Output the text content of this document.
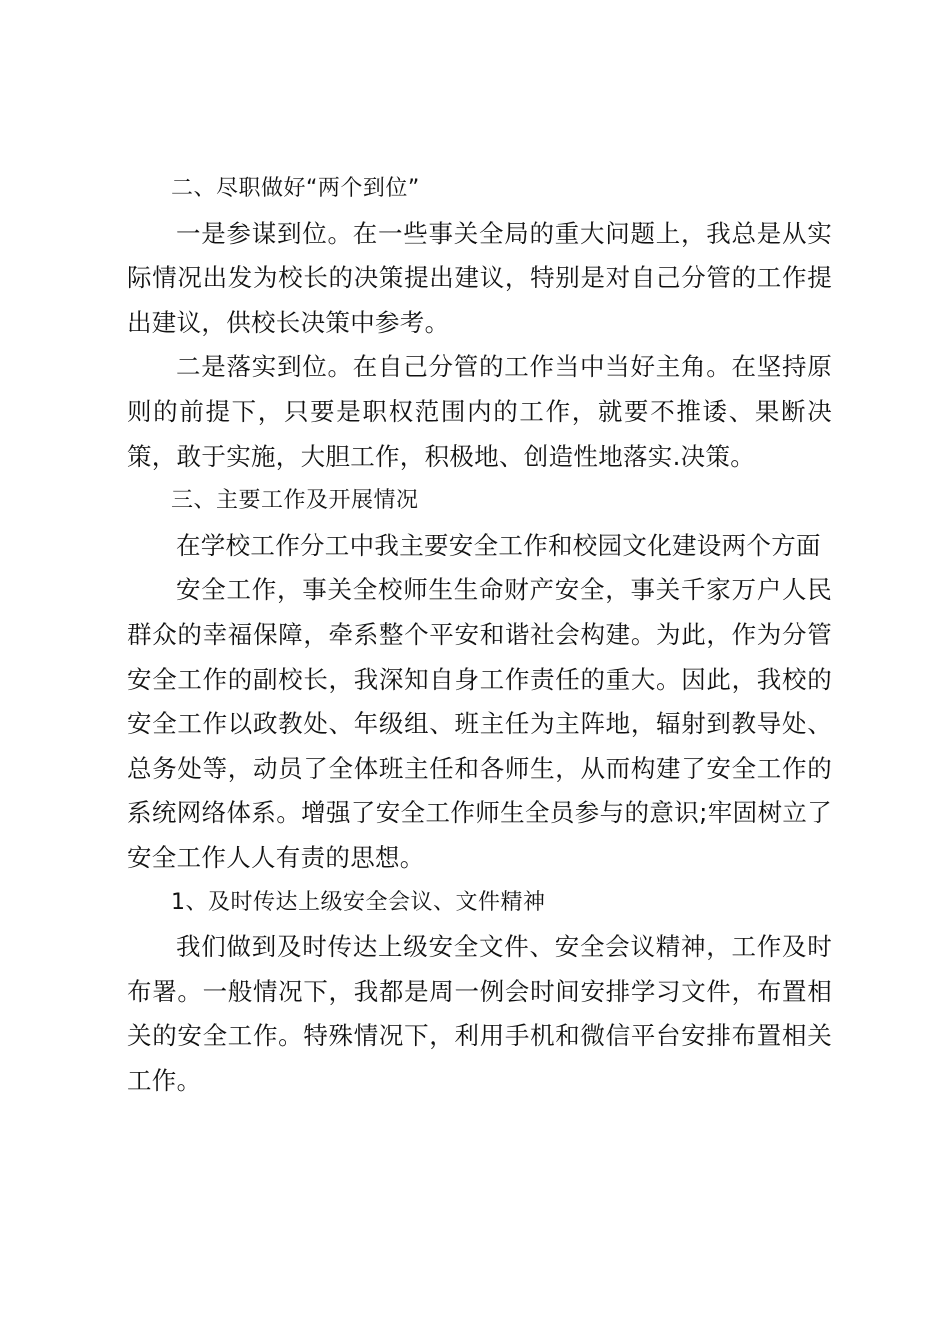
二、尽职做好“两个到位”

一是参谋到位。在一些事关全局的重大问题上，我总是从实际情况出发为校长的决策提出建议，特别是对自己分管的工作提出建议，供校长决策中参考。

二是落实到位。在自己分管的工作当中当好主角。在坚持原则的前提下，只要是职权范围内的工作，就要不推诿、果断决策，敢于实施，大胆工作，积极地、创造性地落实.决策。

三、主要工作及开展情况

在学校工作分工中我主要安全工作和校园文化建设两个方面

安全工作，事关全校师生生命财产安全，事关千家万户人民群众的幸福保障，牵系整个平安和谐社会构建。为此，作为分管安全工作的副校长，我深知自身工作责任的重大。因此，我校的安全工作以政教处、年级组、班主任为主阵地，辐射到教导处、总务处等，动员了全体班主任和各师生，从而构建了安全工作的系统网络体系。增强了安全工作师生全员参与的意识;牢固树立了安全工作人人有责的思想。

1、及时传达上级安全会议、文件精神

我们做到及时传达上级安全文件、安全会议精神，工作及时布署。一般情况下，我都是周一例会时间安排学习文件，布置相关的安全工作。特殊情况下，利用手机和微信平台安排布置相关工作。
